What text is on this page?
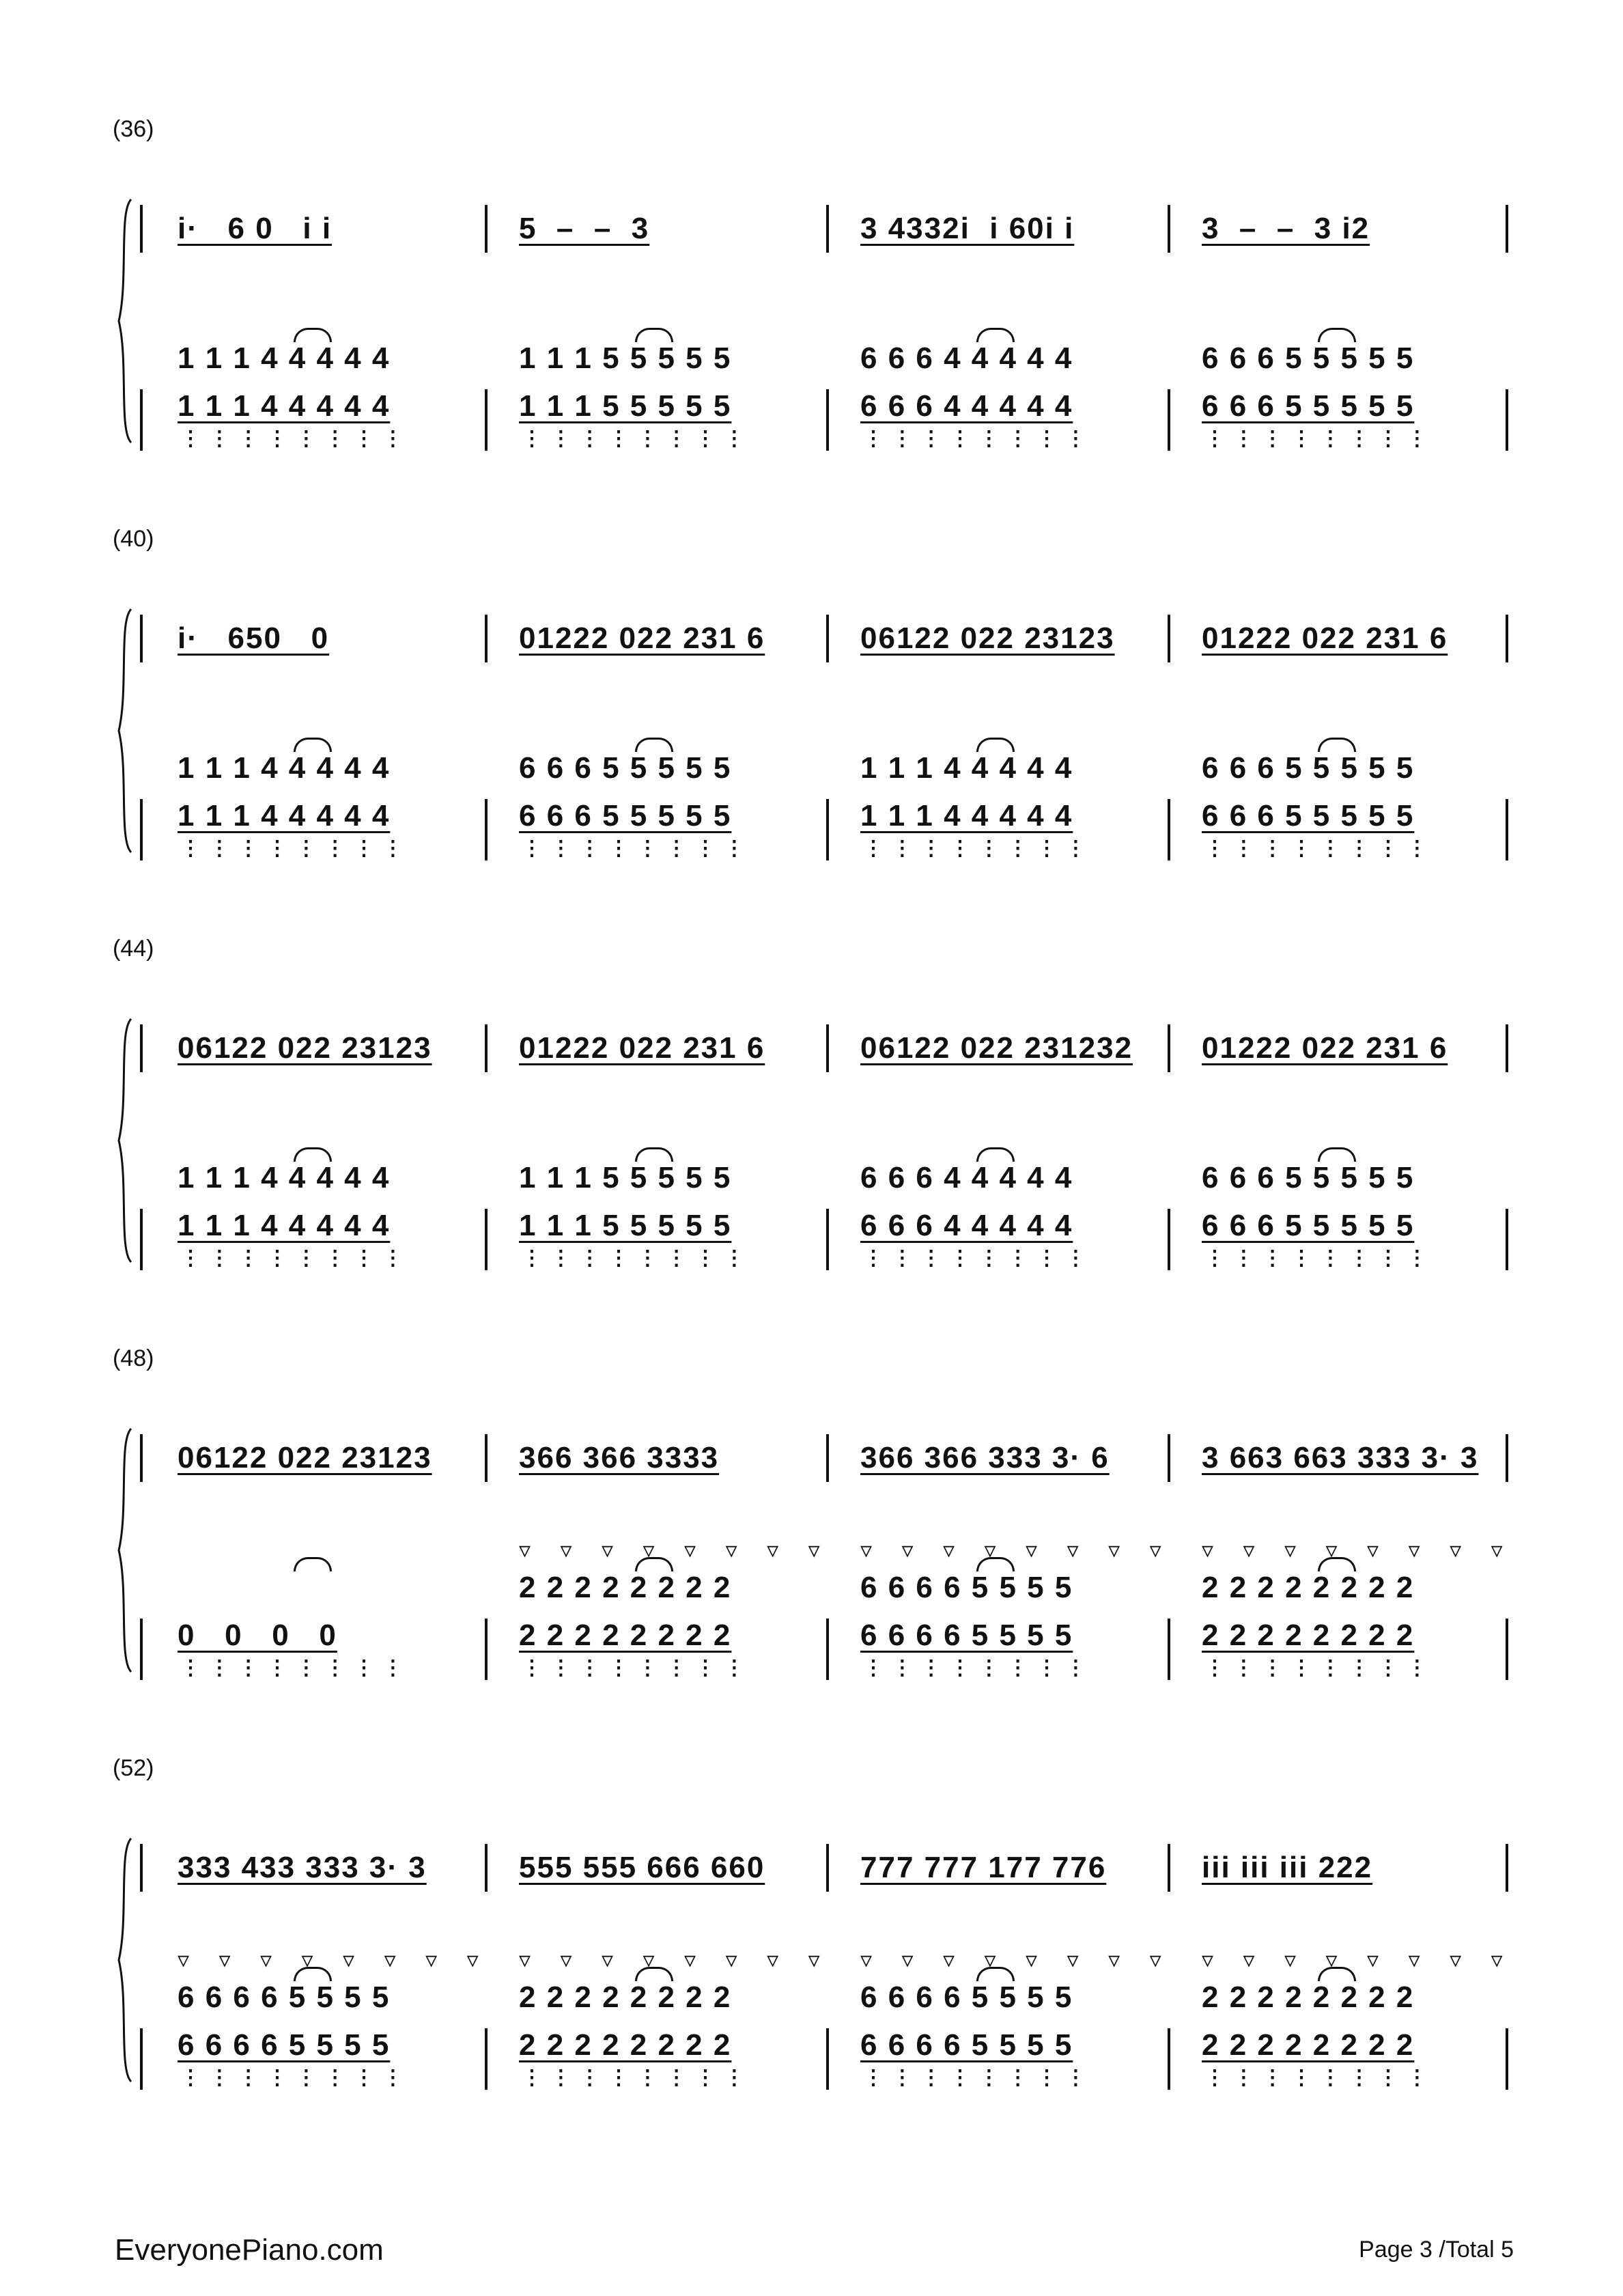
(36)
i·   6 0   i i
1 1 1 4 4 4 4 4
1 1 1 4 4 4 4 4
⋮ ⋮ ⋮ ⋮ ⋮ ⋮ ⋮ ⋮
5  –  –  3
1 1 1 5 5 5 5 5
1 1 1 5 5 5 5 5
⋮ ⋮ ⋮ ⋮ ⋮ ⋮ ⋮ ⋮
3 4332i  i 60i i
6 6 6 4 4 4 4 4
6 6 6 4 4 4 4 4
⋮ ⋮ ⋮ ⋮ ⋮ ⋮ ⋮ ⋮
3  –  –  3 i2
6 6 6 5 5 5 5 5
6 6 6 5 5 5 5 5
⋮ ⋮ ⋮ ⋮ ⋮ ⋮ ⋮ ⋮
(40)
i·   650   0
1 1 1 4 4 4 4 4
1 1 1 4 4 4 4 4
⋮ ⋮ ⋮ ⋮ ⋮ ⋮ ⋮ ⋮
01222 022 231 6
6 6 6 5 5 5 5 5
6 6 6 5 5 5 5 5
⋮ ⋮ ⋮ ⋮ ⋮ ⋮ ⋮ ⋮
06122 022 23123
1 1 1 4 4 4 4 4
1 1 1 4 4 4 4 4
⋮ ⋮ ⋮ ⋮ ⋮ ⋮ ⋮ ⋮
01222 022 231 6
6 6 6 5 5 5 5 5
6 6 6 5 5 5 5 5
⋮ ⋮ ⋮ ⋮ ⋮ ⋮ ⋮ ⋮
(44)
06122 022 23123
1 1 1 4 4 4 4 4
1 1 1 4 4 4 4 4
⋮ ⋮ ⋮ ⋮ ⋮ ⋮ ⋮ ⋮
01222 022 231 6
1 1 1 5 5 5 5 5
1 1 1 5 5 5 5 5
⋮ ⋮ ⋮ ⋮ ⋮ ⋮ ⋮ ⋮
06122 022 231232
6 6 6 4 4 4 4 4
6 6 6 4 4 4 4 4
⋮ ⋮ ⋮ ⋮ ⋮ ⋮ ⋮ ⋮
01222 022 231 6
6 6 6 5 5 5 5 5
6 6 6 5 5 5 5 5
⋮ ⋮ ⋮ ⋮ ⋮ ⋮ ⋮ ⋮
(48)
06122 022 23123
0   0   0   0
⋮ ⋮ ⋮ ⋮ ⋮ ⋮ ⋮ ⋮
366 366 3333
▿ ▿ ▿ ▿ ▿ ▿ ▿ ▿
2 2 2 2 2 2 2 2
2 2 2 2 2 2 2 2
⋮ ⋮ ⋮ ⋮ ⋮ ⋮ ⋮ ⋮
366 366 333 3· 6
▿ ▿ ▿ ▿ ▿ ▿ ▿ ▿
6 6 6 6 5 5 5 5
6 6 6 6 5 5 5 5
⋮ ⋮ ⋮ ⋮ ⋮ ⋮ ⋮ ⋮
3 663 663 333 3· 3
▿ ▿ ▿ ▿ ▿ ▿ ▿ ▿
2 2 2 2 2 2 2 2
2 2 2 2 2 2 2 2
⋮ ⋮ ⋮ ⋮ ⋮ ⋮ ⋮ ⋮
(52)
333 433 333 3· 3
▿ ▿ ▿ ▿ ▿ ▿ ▿ ▿
6 6 6 6 5 5 5 5
6 6 6 6 5 5 5 5
⋮ ⋮ ⋮ ⋮ ⋮ ⋮ ⋮ ⋮
555 555 666 660
▿ ▿ ▿ ▿ ▿ ▿ ▿ ▿
2 2 2 2 2 2 2 2
2 2 2 2 2 2 2 2
⋮ ⋮ ⋮ ⋮ ⋮ ⋮ ⋮ ⋮
777 777 177 776
▿ ▿ ▿ ▿ ▿ ▿ ▿ ▿
6 6 6 6 5 5 5 5
6 6 6 6 5 5 5 5
⋮ ⋮ ⋮ ⋮ ⋮ ⋮ ⋮ ⋮
iii iii iii 222
▿ ▿ ▿ ▿ ▿ ▿ ▿ ▿
2 2 2 2 2 2 2 2
2 2 2 2 2 2 2 2
⋮ ⋮ ⋮ ⋮ ⋮ ⋮ ⋮ ⋮
EveryonePiano.com	Page 3 /Total 5
